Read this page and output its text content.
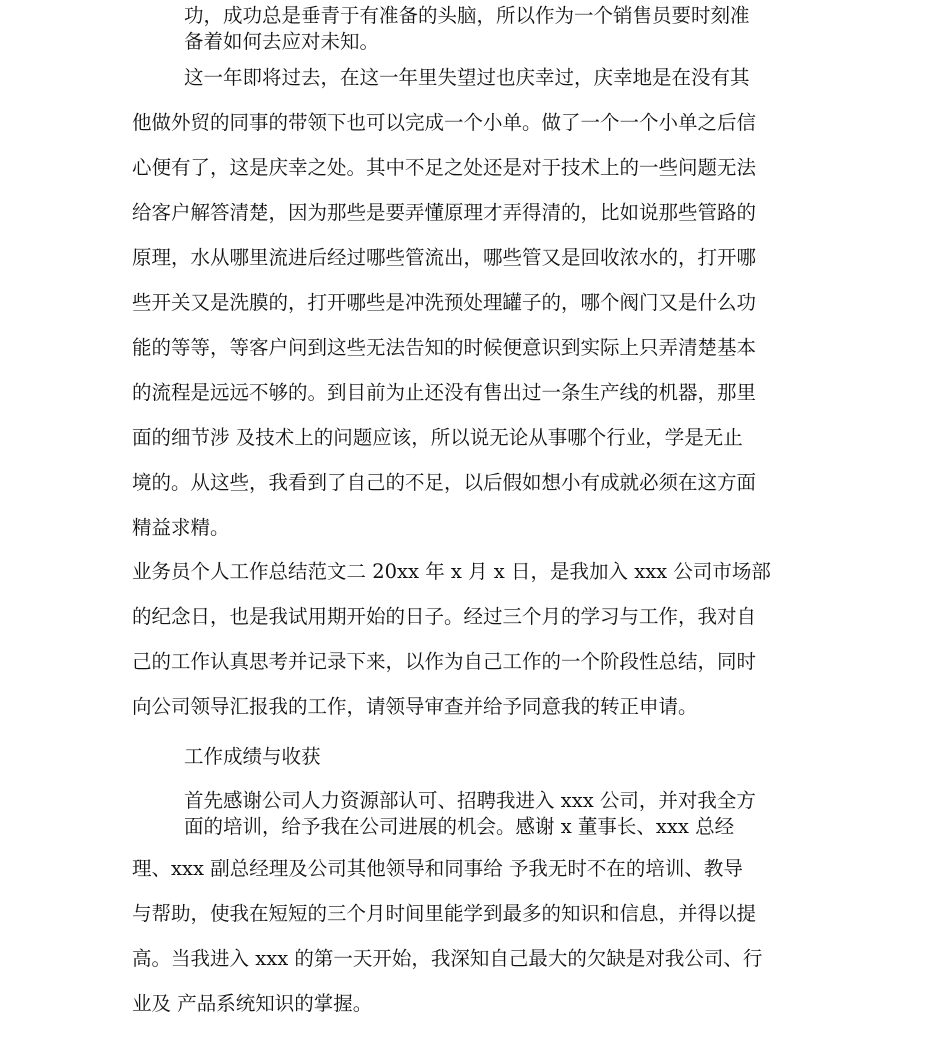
功，成功总是垂青于有准备的头脑，所以作为一个销售员要时刻准
备着如何去应对未知。
这一年即将过去，在这一年里失望过也庆幸过，庆幸地是在没有其
他做外贸的同事的带领下也可以完成一个小单。做了一个一个小单之后信
心便有了，这是庆幸之处。其中不足之处还是对于技术上的一些问题无法
给客户解答清楚，因为那些是要弄懂原理才弄得清的，比如说那些管路的
原理，水从哪里流进后经过哪些管流出，哪些管又是回收浓水的，打开哪
些开关又是洗膜的，打开哪些是冲洗预处理罐子的，哪个阀门又是什么功
能的等等，等客户问到这些无法告知的时候便意识到实际上只弄清楚基本
的流程是远远不够的。到目前为止还没有售出过一条生产线的机器，那里
面的细节涉 及技术上的问题应该，所以说无论从事哪个行业，学是无止
境的。从这些，我看到了自己的不足，以后假如想小有成就必须在这方面
精益求精。
业务员个人工作总结范文二 20xx 年 x 月 x 日，是我加入 xxx 公司市场部
的纪念日，也是我试用期开始的日子。经过三个月的学习与工作，我对自
己的工作认真思考并记录下来，以作为自己工作的一个阶段性总结，同时
向公司领导汇报我的工作，请领导审查并给予同意我的转正申请。
工作成绩与收获
首先感谢公司人力资源部认可、招聘我进入 xxx 公司，并对我全方
面的培训，给予我在公司进展的机会。感谢 x 董事长、xxx 总经
理、xxx 副总经理及公司其他领导和同事给 予我无时不在的培训、教导
与帮助，使我在短短的三个月时间里能学到最多的知识和信息，并得以提
高。当我进入 xxx 的第一天开始，我深知自己最大的欠缺是对我公司、行
业及 产品系统知识的掌握。
